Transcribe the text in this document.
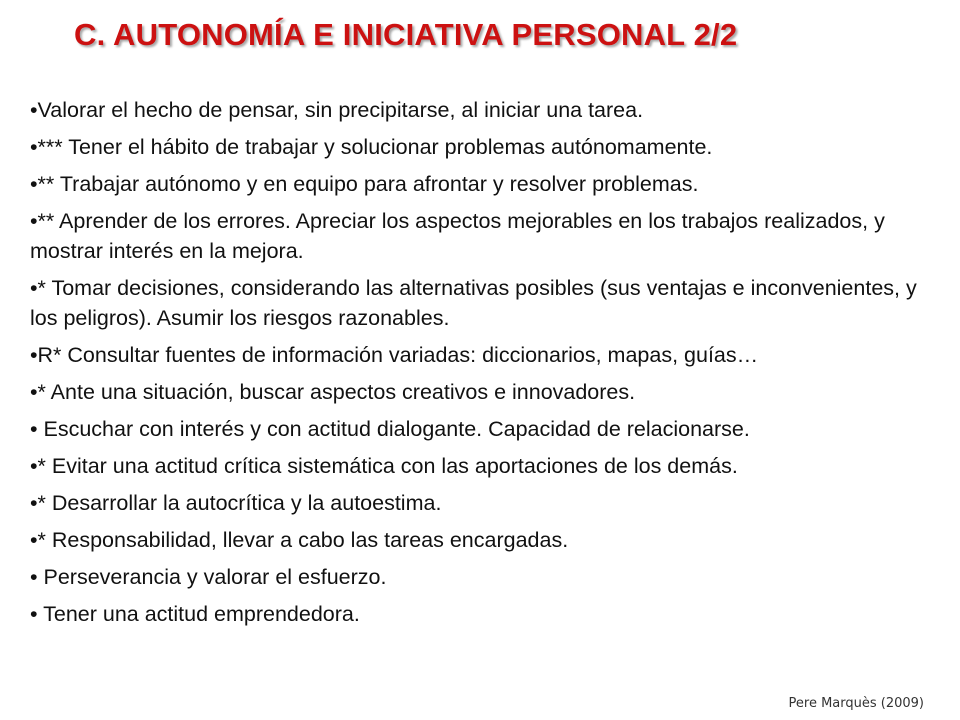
C. AUTONOMÍA E INICIATIVA PERSONAL 2/2
•Valorar el hecho de pensar, sin precipitarse, al iniciar una tarea.
•*** Tener el hábito de trabajar y solucionar problemas autónomamente.
•** Trabajar autónomo y en equipo para afrontar y resolver problemas.
•** Aprender de los errores. Apreciar los aspectos mejorables en los trabajos realizados, y mostrar interés en la mejora.
•* Tomar decisiones, considerando las alternativas posibles (sus ventajas e inconvenientes, y los peligros). Asumir los riesgos razonables.
•R* Consultar fuentes de información variadas: diccionarios, mapas, guías…
•* Ante una situación, buscar aspectos creativos e innovadores.
• Escuchar con interés y con actitud dialogante. Capacidad de relacionarse.
•* Evitar una actitud crítica sistemática con las aportaciones de los demás.
•* Desarrollar la autocrítica y la autoestima.
•* Responsabilidad, llevar a cabo las tareas encargadas.
• Perseverancia y valorar el esfuerzo.
• Tener una actitud emprendedora.
Pere Marquès (2009)
